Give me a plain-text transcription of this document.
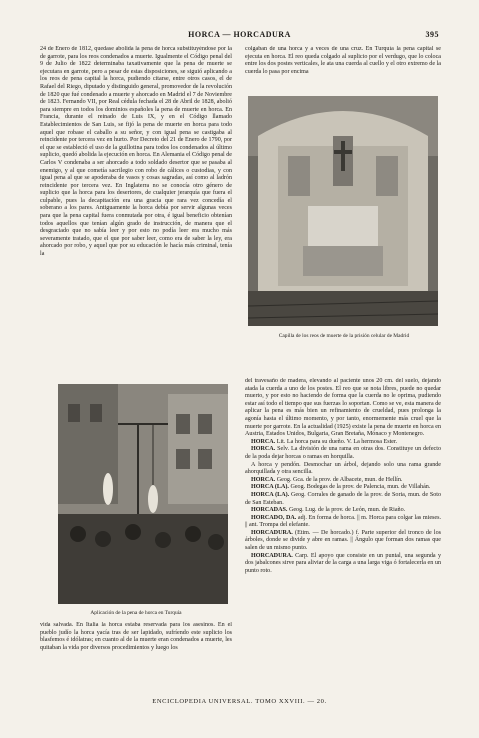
HORCA — HORCADURA	395

24 de Enero de 1812, quedase abolida la pena de horca substituyéndose por la de garrote, para los reos condenados a muerte. Igualmente el Código penal del 9 de Julio de 1822 determinaba taxativamente que la pena de muerte se ejecutara en garrote, pero a pesar de estas disposiciones, se siguió aplicando a los reos de pena capital la horca, pudiendo citarse, entre otros casos, el de Rafael del Riego, diputado y distinguido general, promovedor de la revolución de 1820 que fué condenado a muerte y ahorcado en Madrid el 7 de Noviembre de 1823. Fernando VII, por Real cédula fechada el 28 de Abril de 1828, abolió para siempre en todos los dominios españoles la pena de muerte en horca. En Francia, durante el reinado de Luis IX, y en el Código llamado Establecimientos de San Luis, se fijó la pena de muerte en horca para todo aquel que robase el caballo a su señor, y con igual pena se castigaba al reincidente por tercera vez en hurto. Por Decreto del 21 de Enero de 1790, por el que se estableció el uso de la guillotina para todos los condenados al último suplicio, quedó abolida la ejecución en horca. En Alemania el Código penal de Carlos V condenaba a ser ahorcado a todo soldado desertor que se pasaba al enemigo, y al que cometía sacrilegio con robo de cálices o custodias, y con igual pena al que se apoderaba de vasos y cosas sagradas, así como al ladrón reincidente por tercera vez. En Inglaterra no se conocía otro género de suplicio que la horca para los desertores, de cualquier jerarquía que fuera el culpable, pues la decapitación era una gracia que rara vez concedía el soberano a los pares. Antiguamente la horca debía por servir algunas veces para que la pena capital fuera conmutada por otra, é igual beneficio obtenían todos aquellos que tenían algún grado de instrucción, de manera que el desgraciado que no sabía leer y por esto no podía leer era mucho más severamente tratado, que el que por saber leer, como era de saber la ley, era ahorcado por robo, y aquel que por su educación le hacía más criminal, tenía la

colgaban de una horca y a veces de una cruz. En Turquía la pena capital se ejecuta en horca. El reo queda colgado al suplicio por el verdugo, que lo coloca entre los dos postes verticales, le ata una cuerda al cuello y el otro extremo de la cuerda lo pasa por encima

Capilla de los reos de muerte de la prisión celular de Madrid
Aplicación de la pena de horca en Turquía

vida salvada. En Italia la horca estaba reservada para los asesinos. En el pueblo judío la horca yacía tras de ser lapidado, sufríendo este suplicio los blasfemos é idólatras; en cuanto al de la muerte eran condenados a muerte, les quitaban la vida por diversos procedimientos y luego los

del travesaño de madera, elevando al paciente unos 20 cm. del suelo, dejando atada la cuerda a uno de los postes. El reo que se nota libres, puede no quedar muerto, y por esto no haciendo de forma que la cuerda no le oprima, pudiendo estar así todo el tiempo que sus fuerzas lo soportan. Como se ve, esta manera de aplicar la pena es más bien un refinamiento de crueldad, pues prolonga la agonía hasta el último momento, y por tanto, enormemente más cruel que la muerte por garrote. En la actualidad (1925) existe la pena de muerte en horca en Austria, Estados Unidos, Bulgaria, Gran Bretaña, Mónaco y Montenegro.

HORCA. Lit. La horca para su dueño. V. La hermosa Ester.

HORCA. Selv. La división de una rama en otras dos. Constituye un defecto de la poda dejar horcas o ramas en horquilla.

A horca y pendón. Desmochar un árbol, dejando solo una rama grande ahorquillada y otra sencilla.

HORCA. Geog. Gca. de la prov. de Albacete, mun. de Hellín.

HORCA (LA). Geog. Bodegas de la prov. de Palencia, mun. de Villahán.

HORCA (LA). Geog. Corrales de ganado de la prov. de Soria, mun. de Soto de San Esteban.

HORCADAS. Geog. Lug. de la prov. de León, mun. de Riaño.

HORCADO, DA. adj. En forma de horca. || m. Horca para colgar las mieses. || ant. Trompa del elefante.

HORCADURA. (Etim. — De horcado.) f. Parte superior del tronco de los árboles, donde se divide y abre en ramas. || Ángulo que forman dos ramas que salen de un mismo punto.

HORCADURA. Carp. El apoyo que consiste en un puntal, una segunda y dos jabalcones sirve para aliviar de la carga a una larga viga ó fortalecerla en un punto roto.

ENCICLOPEDIA UNIVERSAL. TOMO XXVIII. — 20.
